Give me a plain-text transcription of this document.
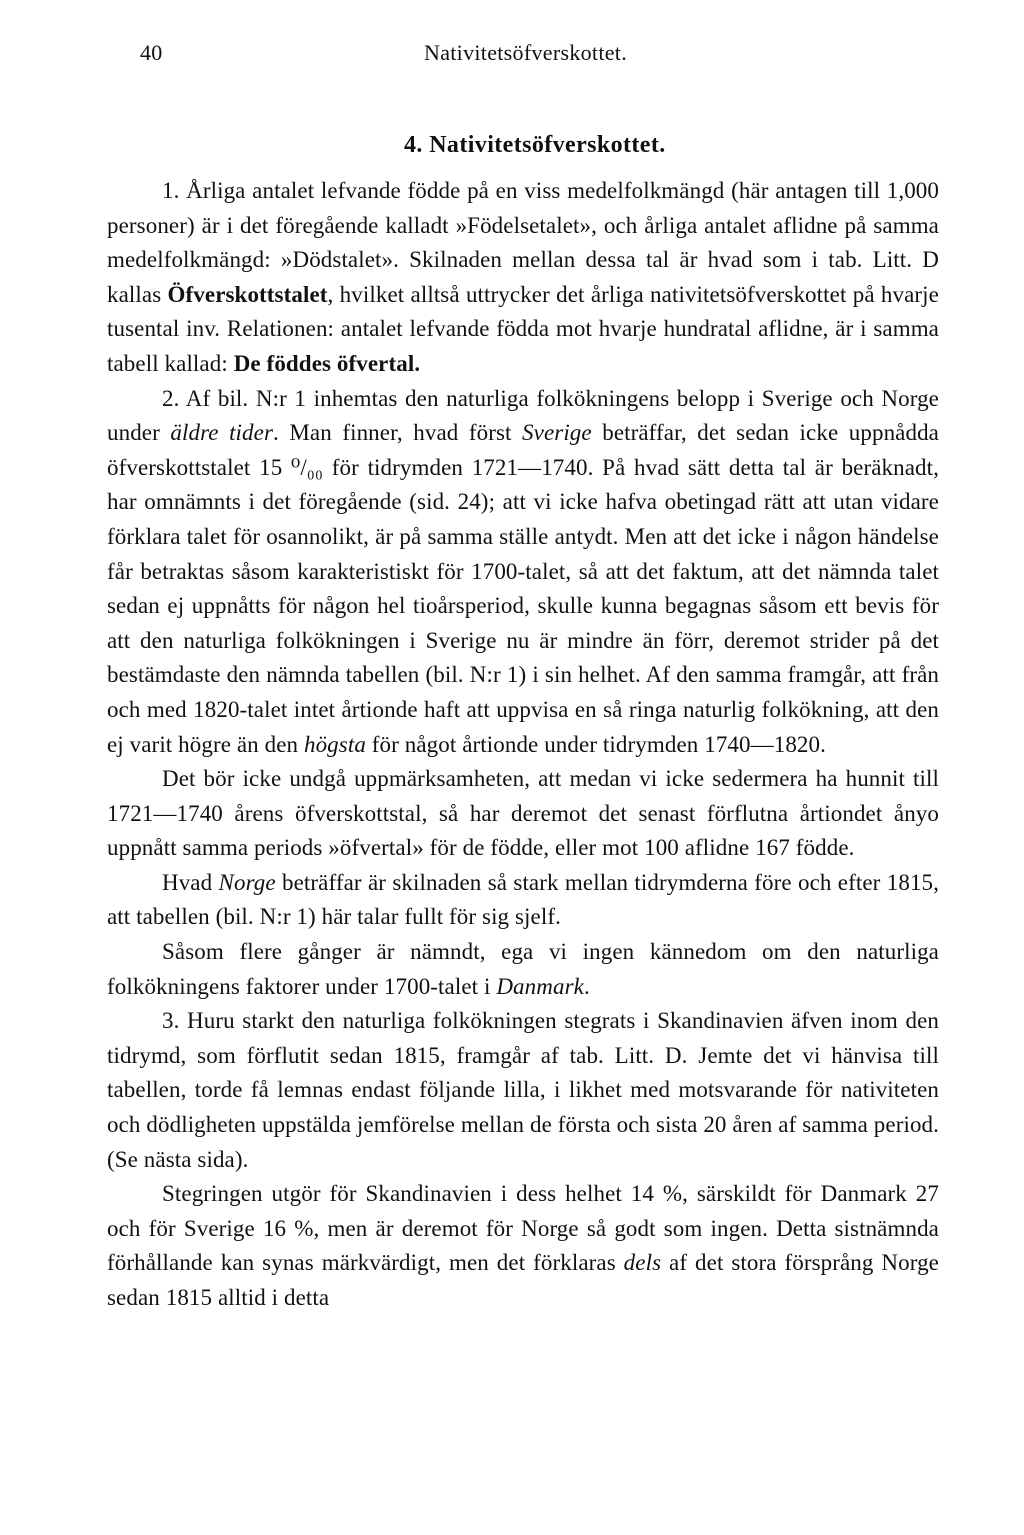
40	Nativitetsöfverskottet.
4. Nativitetsöfverskottet.

1. Årliga antalet lefvande födde på en viss medelfolkmängd (här antagen till 1,000 personer) är i det föregående kalladt »Födelsetalet», och årliga antalet aflidne på samma medelfolkmängd: »Dödstalet». Skilnaden mellan dessa tal är hvad som i tab. Litt. D kallas Öfverskottstalet, hvilket alltså uttrycker det årliga nativitetsöfverskottet på hvarje tusental inv. Relationen: antalet lefvande födda mot hvarje hundratal aflidne, är i samma tabell kallad: De föddes öfvertal.

2. Af bil. N:r 1 inhemtas den naturliga folkökningens belopp i Sverige och Norge under äldre tider. Man finner, hvad först Sverige beträffar, det sedan icke uppnådda öfverskottstalet 15 ⁰/₀₀ för tidrymden 1721—1740. På hvad sätt detta tal är beräknadt, har omnämnts i det föregående (sid. 24); att vi icke hafva obetingad rätt att utan vidare förklara talet för osannolikt, är på samma ställe antydt. Men att det icke i någon händelse får betraktas såsom karakteristiskt för 1700-talet, så att det faktum, att det nämnda talet sedan ej uppnåtts för någon hel tioårsperiod, skulle kunna begagnas såsom ett bevis för att den naturliga folkökningen i Sverige nu är mindre än förr, deremot strider på det bestämdaste den nämnda tabellen (bil. N:r 1) i sin helhet. Af den samma framgår, att från och med 1820-talet intet årtionde haft att uppvisa en så ringa naturlig folkökning, att den ej varit högre än den högsta för något årtionde under tidrymden 1740—1820.

Det bör icke undgå uppmärksamheten, att medan vi icke sedermera ha hunnit till 1721—1740 årens öfverskottstal, så har deremot det senast förflutna årtiondet ånyo uppnått samma periods »öfvertal» för de födde, eller mot 100 aflidne 167 födde.

Hvad Norge beträffar är skilnaden så stark mellan tidrymderna före och efter 1815, att tabellen (bil. N:r 1) här talar fullt för sig sjelf.

Såsom flere gånger är nämndt, ega vi ingen kännedom om den naturliga folkökningens faktorer under 1700-talet i Danmark.

3. Huru starkt den naturliga folkökningen stegrats i Skandinavien äfven inom den tidrymd, som förflutit sedan 1815, framgår af tab. Litt. D. Jemte det vi hänvisa till tabellen, torde få lemnas endast följande lilla, i likhet med motsvarande för nativiteten och dödligheten uppstälda jemförelse mellan de första och sista 20 åren af samma period. (Se nästa sida).

Stegringen utgör för Skandinavien i dess helhet 14 %, särskildt för Danmark 27 och för Sverige 16 %, men är deremot för Norge så godt som ingen. Detta sistnämnda förhållande kan synas märkvärdigt, men det förklaras dels af det stora försprång Norge sedan 1815 alltid i detta
